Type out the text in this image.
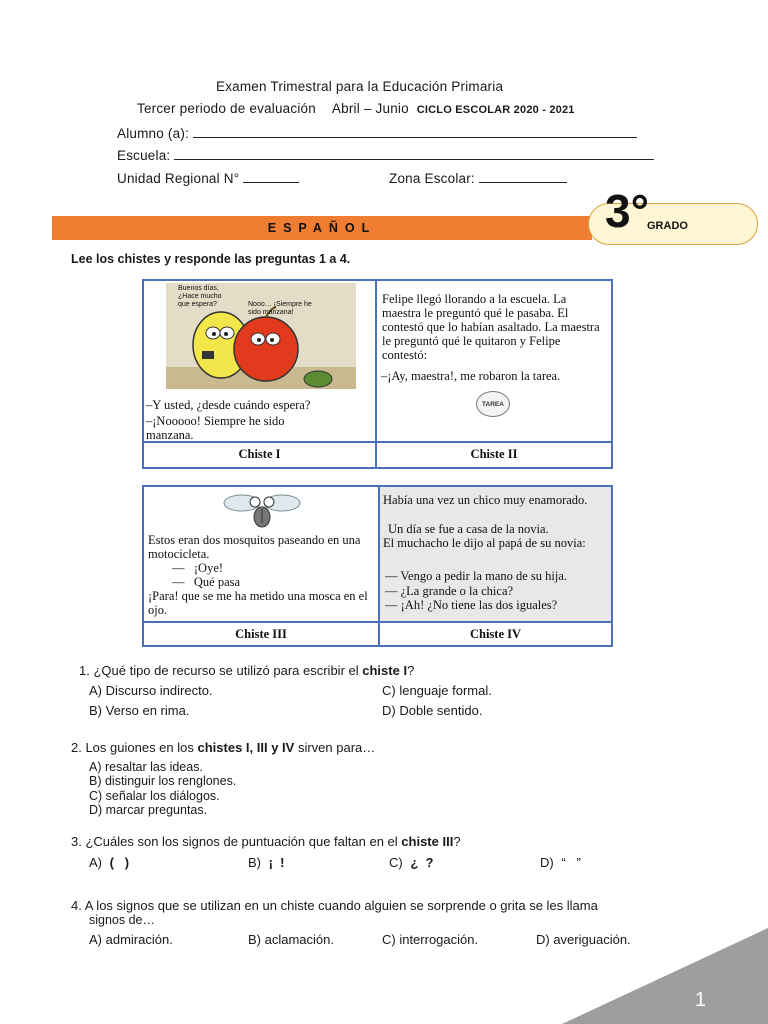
Examen Trimestral para la Educación Primaria
Tercer periodo de evaluación Abril – Junio CICLO ESCOLAR 2020 - 2021
Alumno (a):
Escuela:
Unidad Regional N°	Zona Escolar:
ESPAÑOL	3°
GRADO
Lee los chistes y responde las preguntas 1 a 4.
Buenos días, ¿Hace mucho que espera?	Nooo… ¡Siempre he sido manzana!
–Y usted, ¿desde cuándo espera?
–¡Nooooo! Siempre he sido manzana.
Felipe llegó llorando a la escuela. La maestra le preguntó qué le pasaba. El contestó que lo habían asaltado. La maestra le preguntó qué le quitaron y Felipe contestó:
–¡Ay, maestra!, me robaron la tarea.
TAREA
Chiste I	Chiste II
Estos eran dos mosquitos paseando en una motocicleta.
—   ¡Oye!
—   Qué pasa
¡Para! que se me ha metido una mosca en el ojo.
Había una vez un chico muy enamorado.
Un día se fue a casa de la novia.
El muchacho le dijo al papá de su novia:
— Vengo a pedir la mano de su hija.
— ¿La grande o la chica?
— ¡Ah! ¿No tiene las dos iguales?
Chiste III	Chiste IV
1. ¿Qué tipo de recurso se utilizó para escribir el chiste I?
A) Discurso indirecto.	C) lenguaje formal.
B) Verso en rima.	D) Doble sentido.
2. Los guiones en los chistes I, III y IV sirven para…
A) resaltar las ideas.
B) distinguir los renglones.
C) señalar los diálogos.
D) marcar preguntas.
3. ¿Cuáles son los signos de puntuación que faltan en el chiste III?
A) (   )	B) ¡  !	C) ¿  ?	D) “   ”
4. A los signos que se utilizan en un chiste cuando alguien se sorprende o grita se les llama
signos de…
A) admiración.	B) aclamación.	C) interrogación.	D) averiguación.
1
